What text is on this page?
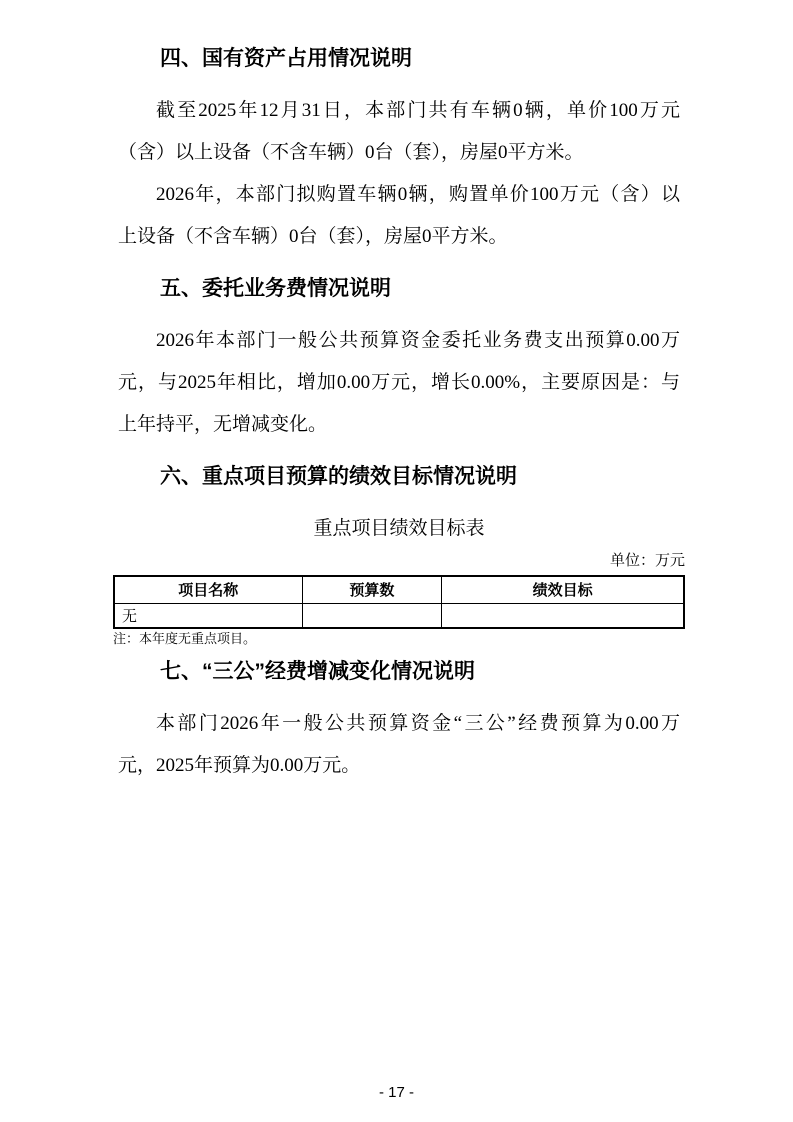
四、国有资产占用情况说明
截至2025年12月31日，本部门共有车辆0辆，单价100万元
（含）以上设备（不含车辆）0台（套），房屋0平方米。
2026年，本部门拟购置车辆0辆，购置单价100万元（含）以
上设备（不含车辆）0台（套），房屋0平方米。
五、委托业务费情况说明
2026年本部门一般公共预算资金委托业务费支出预算0.00万
元，与2025年相比，增加0.00万元，增长0.00%，主要原因是：与
上年持平，无增减变化。
六、重点项目预算的绩效目标情况说明
重点项目绩效目标表
单位：万元
项目名称	预算数	绩效目标
无		
注：本年度无重点项目。
七、“三公”经费增减变化情况说明
本部门2026年一般公共预算资金“三公”经费预算为0.00万
元，2025年预算为0.00万元。
- 17 -
